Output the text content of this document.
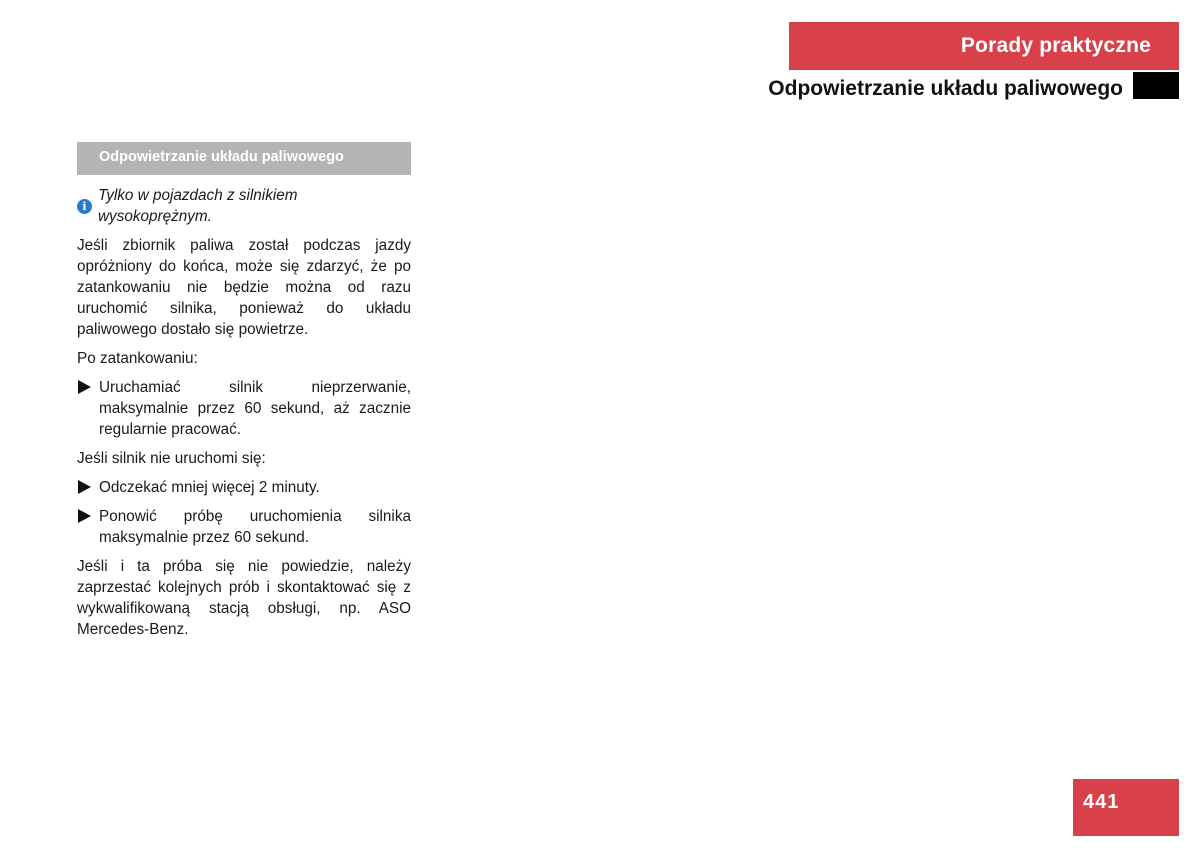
Porady praktyczne
Odpowietrzanie układu paliwowego
Odpowietrzanie układu paliwowego
i
Tylko w pojazdach z silnikiem wysokoprężnym.

Jeśli zbiornik paliwa został podczas jazdy opróżniony do końca, może się zdarzyć, że po zatankowaniu nie będzie można od razu uruchomić silnika, ponieważ do układu paliwowego dostało się powietrze.

Po zatankowaniu:

Uruchamiać silnik nieprzerwanie, maksymalnie przez 60 sekund, aż zacznie regularnie pracować.

Jeśli silnik nie uruchomi się:

Odczekać mniej więcej 2 minuty.
Ponowić próbę uruchomienia silnika maksymalnie przez 60 sekund.

Jeśli i ta próba się nie powiedzie, należy zaprzestać kolejnych prób i skontaktować się z wykwalifikowaną stacją obsługi, np. ASO Mercedes-Benz.

441
